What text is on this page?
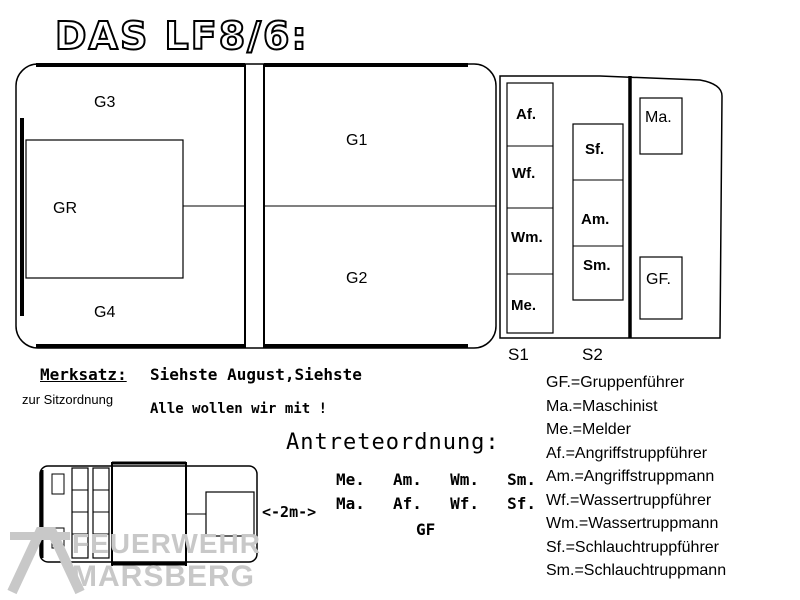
DAS LF8/6:
G3
GR
G4
G1
G2
Af.
Wf.
Wm.
Me.
Sf.
Am.
Sm.
Ma.
GF.
S1	S2
Merksatz: Siehste August,Siehste
zur Sitzordnung
Alle wollen wir mit !
Antreteordnung:
Me. Am. Wm. Sm.
Ma. Af. Wf. Sf.
GF
<-2m->
GF.=Gruppenführer
Ma.=Maschinist
Me.=Melder
Af.=Angriffstruppführer
Am.=Angriffstruppmann
Wf.=Wassertruppführer
Wm.=Wassertruppmann
Sf.=Schlauchtruppführer
Sm.=Schlauchtruppmann
FEUERWEHR
MARSBERG
